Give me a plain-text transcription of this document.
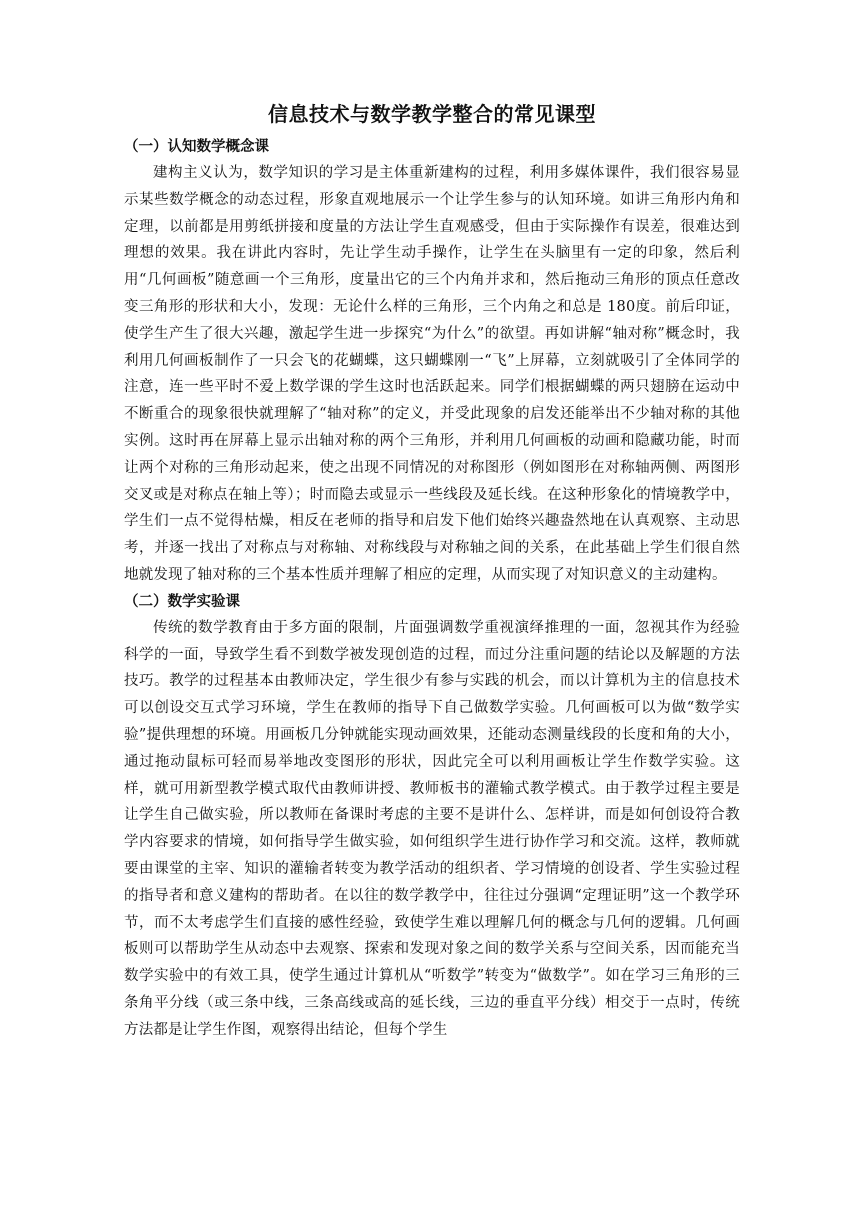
信息技术与数学教学整合的常见课型
（一）认知数学概念课

建构主义认为，数学知识的学习是主体重新建构的过程，利用多媒体课件，我们很容易显示某些数学概念的动态过程，形象直观地展示一个让学生参与的认知环境。如讲三角形内角和定理，以前都是用剪纸拼接和度量的方法让学生直观感受，但由于实际操作有误差，很难达到理想的效果。我在讲此内容时，先让学生动手操作，让学生在头脑里有一定的印象，然后利用“几何画板”随意画一个三角形，度量出它的三个内角并求和，然后拖动三角形的顶点任意改变三角形的形状和大小，发现：无论什么样的三角形，三个内角之和总是 180度。前后印证，使学生产生了很大兴趣，激起学生进一步探究“为什么”的欲望。再如讲解“轴对称”概念时，我利用几何画板制作了一只会飞的花蝴蝶，这只蝴蝶刚一“飞”上屏幕，立刻就吸引了全体同学的注意，连一些平时不爱上数学课的学生这时也活跃起来。同学们根据蝴蝶的两只翅膀在运动中不断重合的现象很快就理解了“轴对称”的定义，并受此现象的启发还能举出不少轴对称的其他实例。这时再在屏幕上显示出轴对称的两个三角形，并利用几何画板的动画和隐藏功能，时而让两个对称的三角形动起来，使之出现不同情况的对称图形（例如图形在对称轴两侧、两图形交叉或是对称点在轴上等）；时而隐去或显示一些线段及延长线。在这种形象化的情境教学中，学生们一点不觉得枯燥，相反在老师的指导和启发下他们始终兴趣盎然地在认真观察、主动思考，并逐一找出了对称点与对称轴、对称线段与对称轴之间的关系，在此基础上学生们很自然地就发现了轴对称的三个基本性质并理解了相应的定理，从而实现了对知识意义的主动建构。

（二）数学实验课

传统的数学教育由于多方面的限制，片面强调数学重视演绎推理的一面，忽视其作为经验科学的一面，导致学生看不到数学被发现创造的过程，而过分注重问题的结论以及解题的方法技巧。教学的过程基本由教师决定，学生很少有参与实践的机会，而以计算机为主的信息技术可以创设交互式学习环境，学生在教师的指导下自己做数学实验。几何画板可以为做“数学实验”提供理想的环境。用画板几分钟就能实现动画效果，还能动态测量线段的长度和角的大小，通过拖动鼠标可轻而易举地改变图形的形状，因此完全可以利用画板让学生作数学实验。这样，就可用新型教学模式取代由教师讲授、教师板书的灌输式教学模式。由于教学过程主要是让学生自己做实验，所以教师在备课时考虑的主要不是讲什么、怎样讲，而是如何创设符合教学内容要求的情境，如何指导学生做实验，如何组织学生进行协作学习和交流。这样，教师就要由课堂的主宰、知识的灌输者转变为教学活动的组织者、学习情境的创设者、学生实验过程的指导者和意义建构的帮助者。在以往的数学教学中，往往过分强调“定理证明”这一个教学环节，而不太考虑学生们直接的感性经验，致使学生难以理解几何的概念与几何的逻辑。几何画板则可以帮助学生从动态中去观察、探索和发现对象之间的数学关系与空间关系，因而能充当数学实验中的有效工具，使学生通过计算机从“听数学”转变为“做数学”。如在学习三角形的三条角平分线（或三条中线，三条高线或高的延长线，三边的垂直平分线）相交于一点时，传统方法都是让学生作图，观察得出结论，但每个学生
